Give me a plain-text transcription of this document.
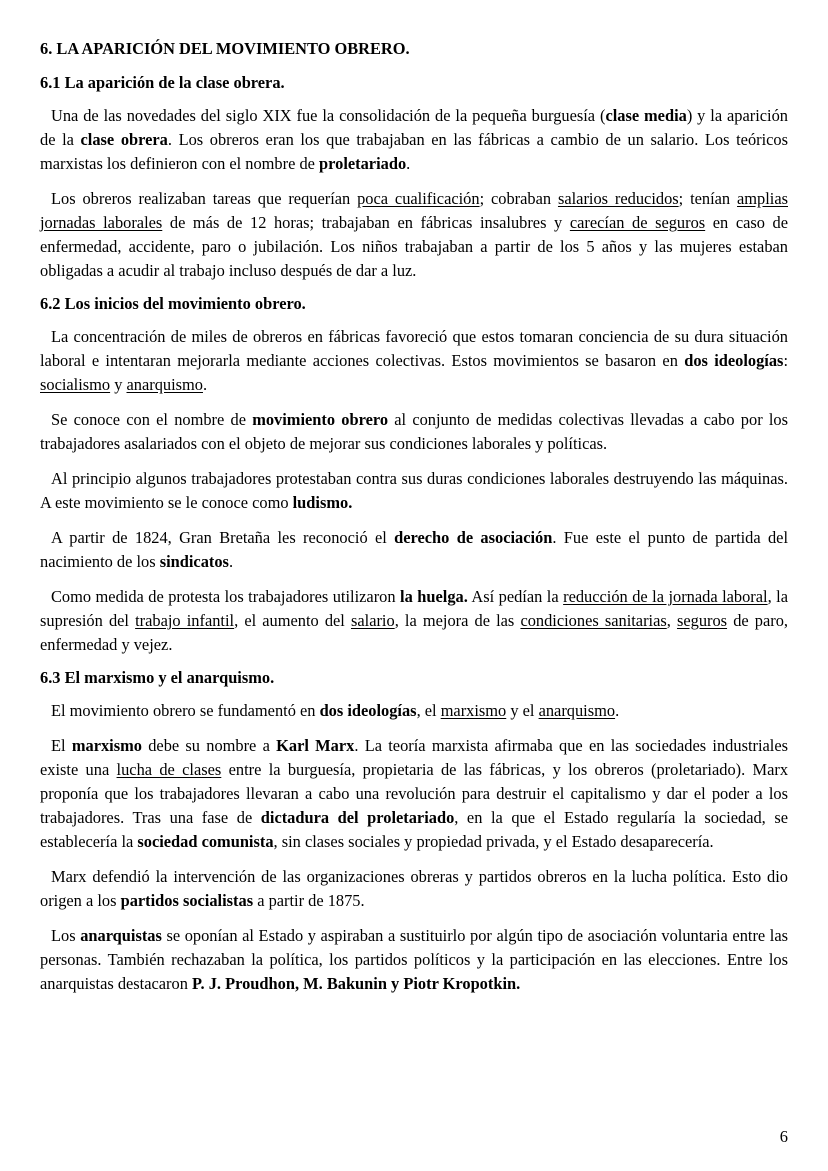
6. LA APARICIÓN DEL MOVIMIENTO OBRERO.
6.1 La aparición de la clase obrera.

Una de las novedades del siglo XIX fue la consolidación de la pequeña burguesía (clase media) y la aparición de la clase obrera. Los obreros eran los que trabajaban en las fábricas a cambio de un salario. Los teóricos marxistas los definieron con el nombre de proletariado.

Los obreros realizaban tareas que requerían poca cualificación; cobraban salarios reducidos; tenían amplias jornadas laborales de más de 12 horas; trabajaban en fábricas insalubres y carecían de seguros en caso de enfermedad, accidente, paro o jubilación. Los niños trabajaban a partir de los 5 años y las mujeres estaban obligadas a acudir al trabajo incluso después de dar a luz.

6.2 Los inicios del movimiento obrero.

La concentración de miles de obreros en fábricas favoreció que estos tomaran conciencia de su dura situación laboral e intentaran mejorarla mediante acciones colectivas. Estos movimientos se basaron en dos ideologías: socialismo y anarquismo.

Se conoce con el nombre de movimiento obrero al conjunto de medidas colectivas llevadas a cabo por los trabajadores asalariados con el objeto de mejorar sus condiciones laborales y políticas.

Al principio algunos trabajadores protestaban contra sus duras condiciones laborales destruyendo las máquinas. A este movimiento se le conoce como ludismo.

A partir de 1824, Gran Bretaña les reconoció el derecho de asociación. Fue este el punto de partida del nacimiento de los sindicatos.

Como medida de protesta los trabajadores utilizaron la huelga. Así pedían la reducción de la jornada laboral, la supresión del trabajo infantil, el aumento del salario, la mejora de las condiciones sanitarias, seguros de paro, enfermedad y vejez.

6.3 El marxismo y el anarquismo.

El movimiento obrero se fundamentó en dos ideologías, el marxismo y el anarquismo.

El marxismo debe su nombre a Karl Marx. La teoría marxista afirmaba que en las sociedades industriales existe una lucha de clases entre la burguesía, propietaria de las fábricas, y los obreros (proletariado). Marx proponía que los trabajadores llevaran a cabo una revolución para destruir el capitalismo y dar el poder a los trabajadores. Tras una fase de dictadura del proletariado, en la que el Estado regularía la sociedad, se establecería la sociedad comunista, sin clases sociales y propiedad privada, y el Estado desaparecería.

Marx defendió la intervención de las organizaciones obreras y partidos obreros en la lucha política. Esto dio origen a los partidos socialistas a partir de 1875.

Los anarquistas se oponían al Estado y aspiraban a sustituirlo por algún tipo de asociación voluntaria entre las personas. También rechazaban la política, los partidos políticos y la participación en las elecciones. Entre los anarquistas destacaron P. J. Proudhon, M. Bakunin y Piotr Kropotkin.

6
